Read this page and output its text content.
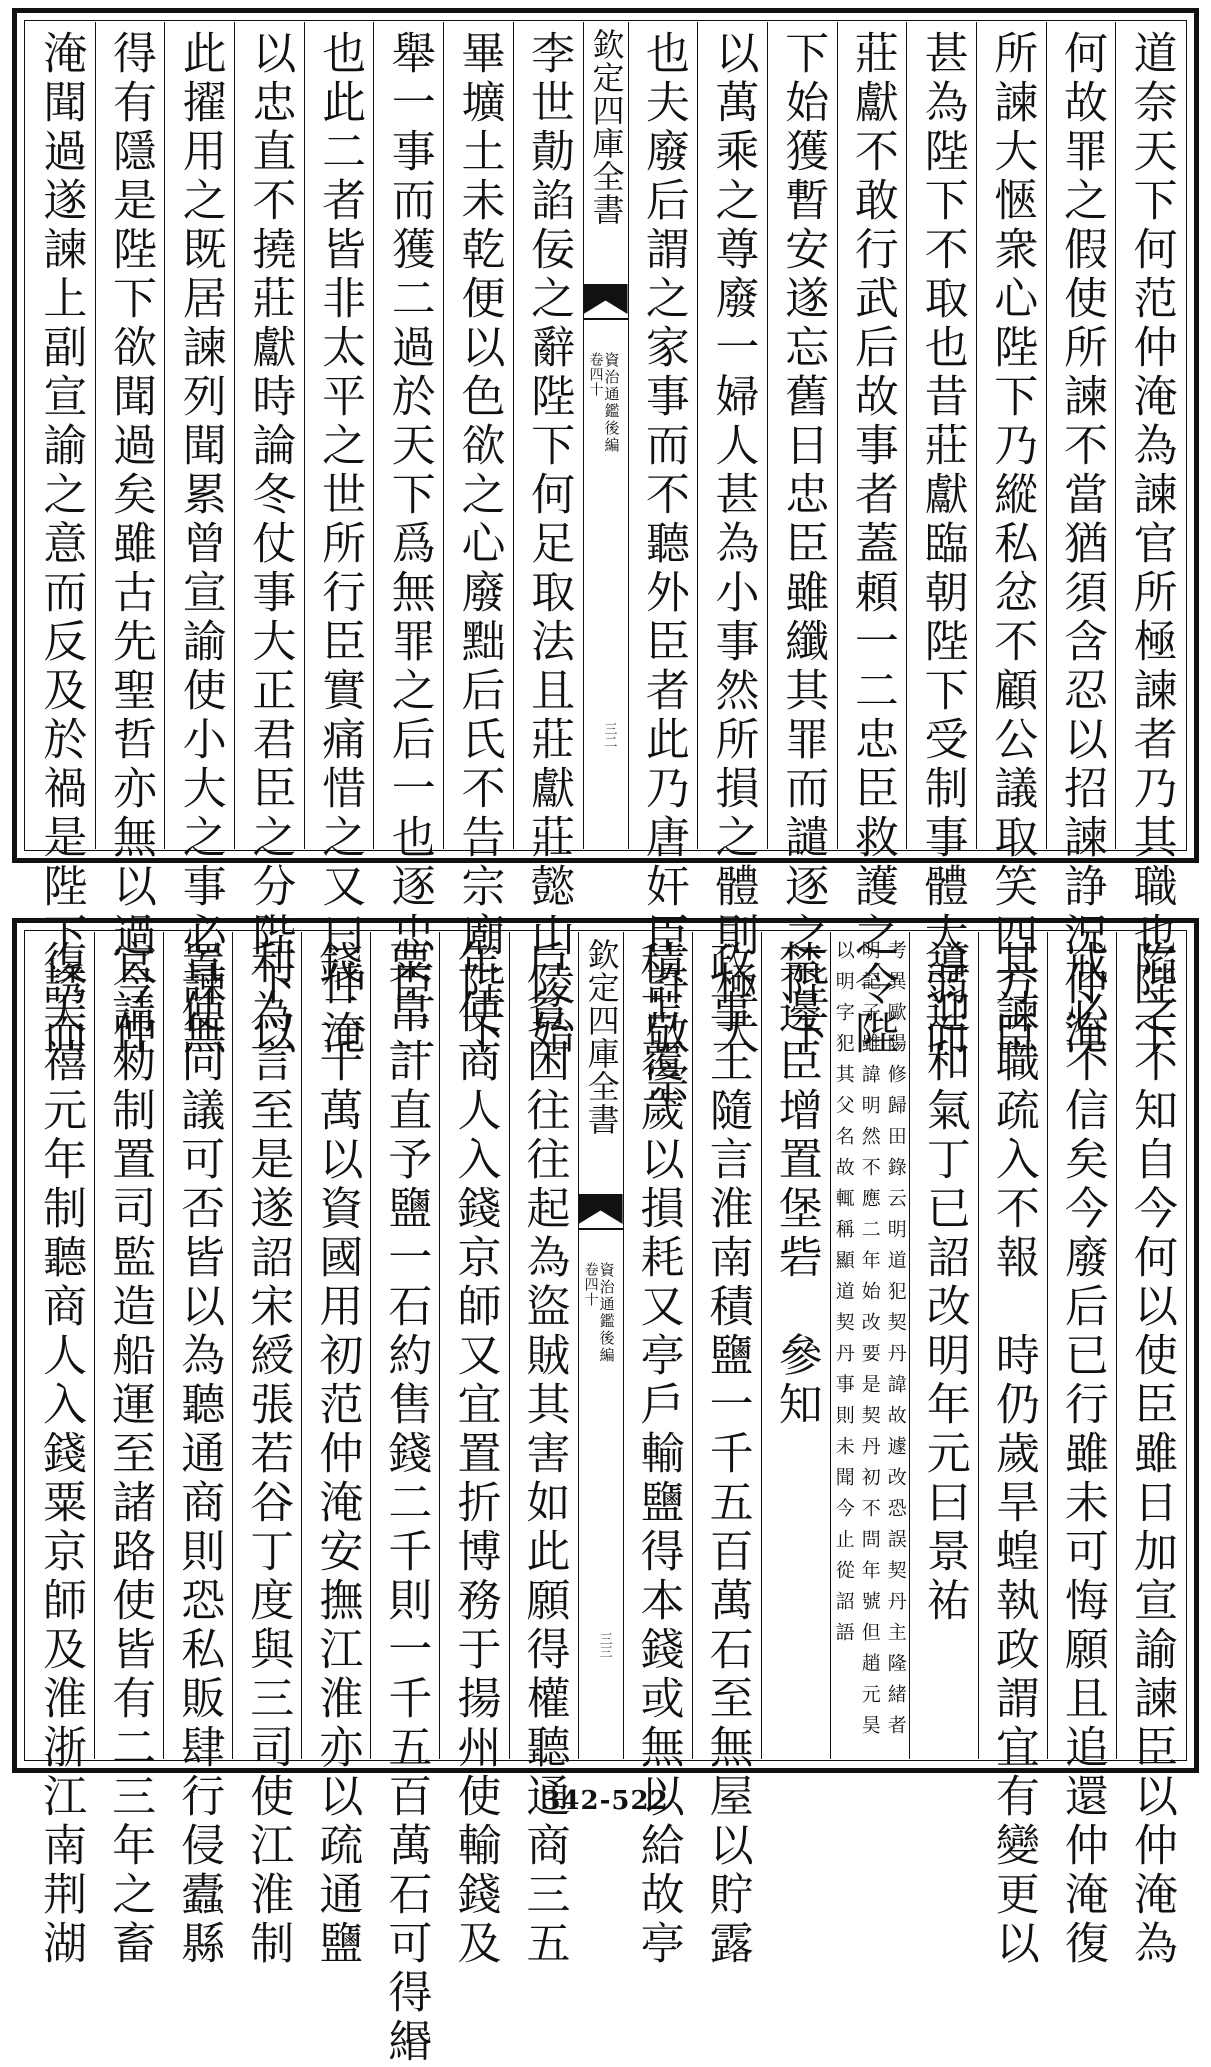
道奈天下何范仲淹為諫官所極諫者乃其職也陛下
何故罪之假使所諫不當猶須含忍以招諫諍況仲淹
所諫大愜衆心陛下乃縱私忿不顧公議取笑四方臣
甚為陛下不取也昔莊獻臨朝陛下受制事體大弱而
莊獻不敢行武后故事者蓋頼一二忠臣救護之令陛
下始獲暫安遂忘舊日忠臣雖纖其罪而譴逐之陛下
以萬乘之尊廢一婦人甚為小事然所損之體則極大
也夫廢后謂之家事而不聽外臣者此乃唐奸臣許敬宗
欽定四庫全書
資治通鑑後編
卷四十
三二
李世勣諂佞之辭陛下何足取法且莊獻莊懿山陵始
畢壙土未乾便以色欲之心廢黜后氏不告宗廟陛下
舉一事而獲二過於天下爲無罪之后一也逐忠臣二
也此二者皆非太平之世所行臣實痛惜之又曰仲淹
以忠直不撓莊獻時論冬仗事大正君臣之分陛下以
此擢用之既居諫列聞累曾宣諭使小大之事必諫無
得有隱是陛下欲聞過矣雖古先聖哲亦無以過今仲
淹聞過遂諫上副宣諭之意而反及於禍是陛下誘而
陷之不知自今何以使臣雖日加宣諭諫臣以仲淹為
戒必不信矣今廢后已行雖未可悔願且追還仲淹復
其諫職疏入不報　時仍歲旱蝗執政謂宜有變更以
導迎和氣丁已詔改明年元曰景祐
考異歐陽修歸田錄云明道犯契丹諱故遽改恐誤契丹主隆緒者明記子雖諱明然不應二年始改要是契丹初不問年號但趙元昊以明字犯其父名故輒稱顯道契丹事則未聞今止從詔語
禁邊臣增置堡砦　參知
政事王隨言淮南積鹽一千五百萬石至無屋以貯露
積苫覆歲以損耗又亭戶輸鹽得本錢或無以給故亭
欽定四庫全書
資治通鑑後編
卷四十
三三
戶貧困往往起為盜賊其害如此願得權聽通商三五
年使商人入錢京師又宜置折博務于揚州使輸錢及
粟帛計直予鹽一石約售錢二千則一千五百萬石可得緡
錢二千萬以資國用初范仲淹安撫江淮亦以疏通鹽
利為言至是遂詔宋綬張若谷丁度與三司使江淮制
置使同議可否皆以為聽通商則恐私販肆行侵蠹縣
官請勑制置司監造船運至諸路使皆有二三年之畜
復天禧元年制聽商人入錢粟京師及淮浙江南荆湖	342-522
